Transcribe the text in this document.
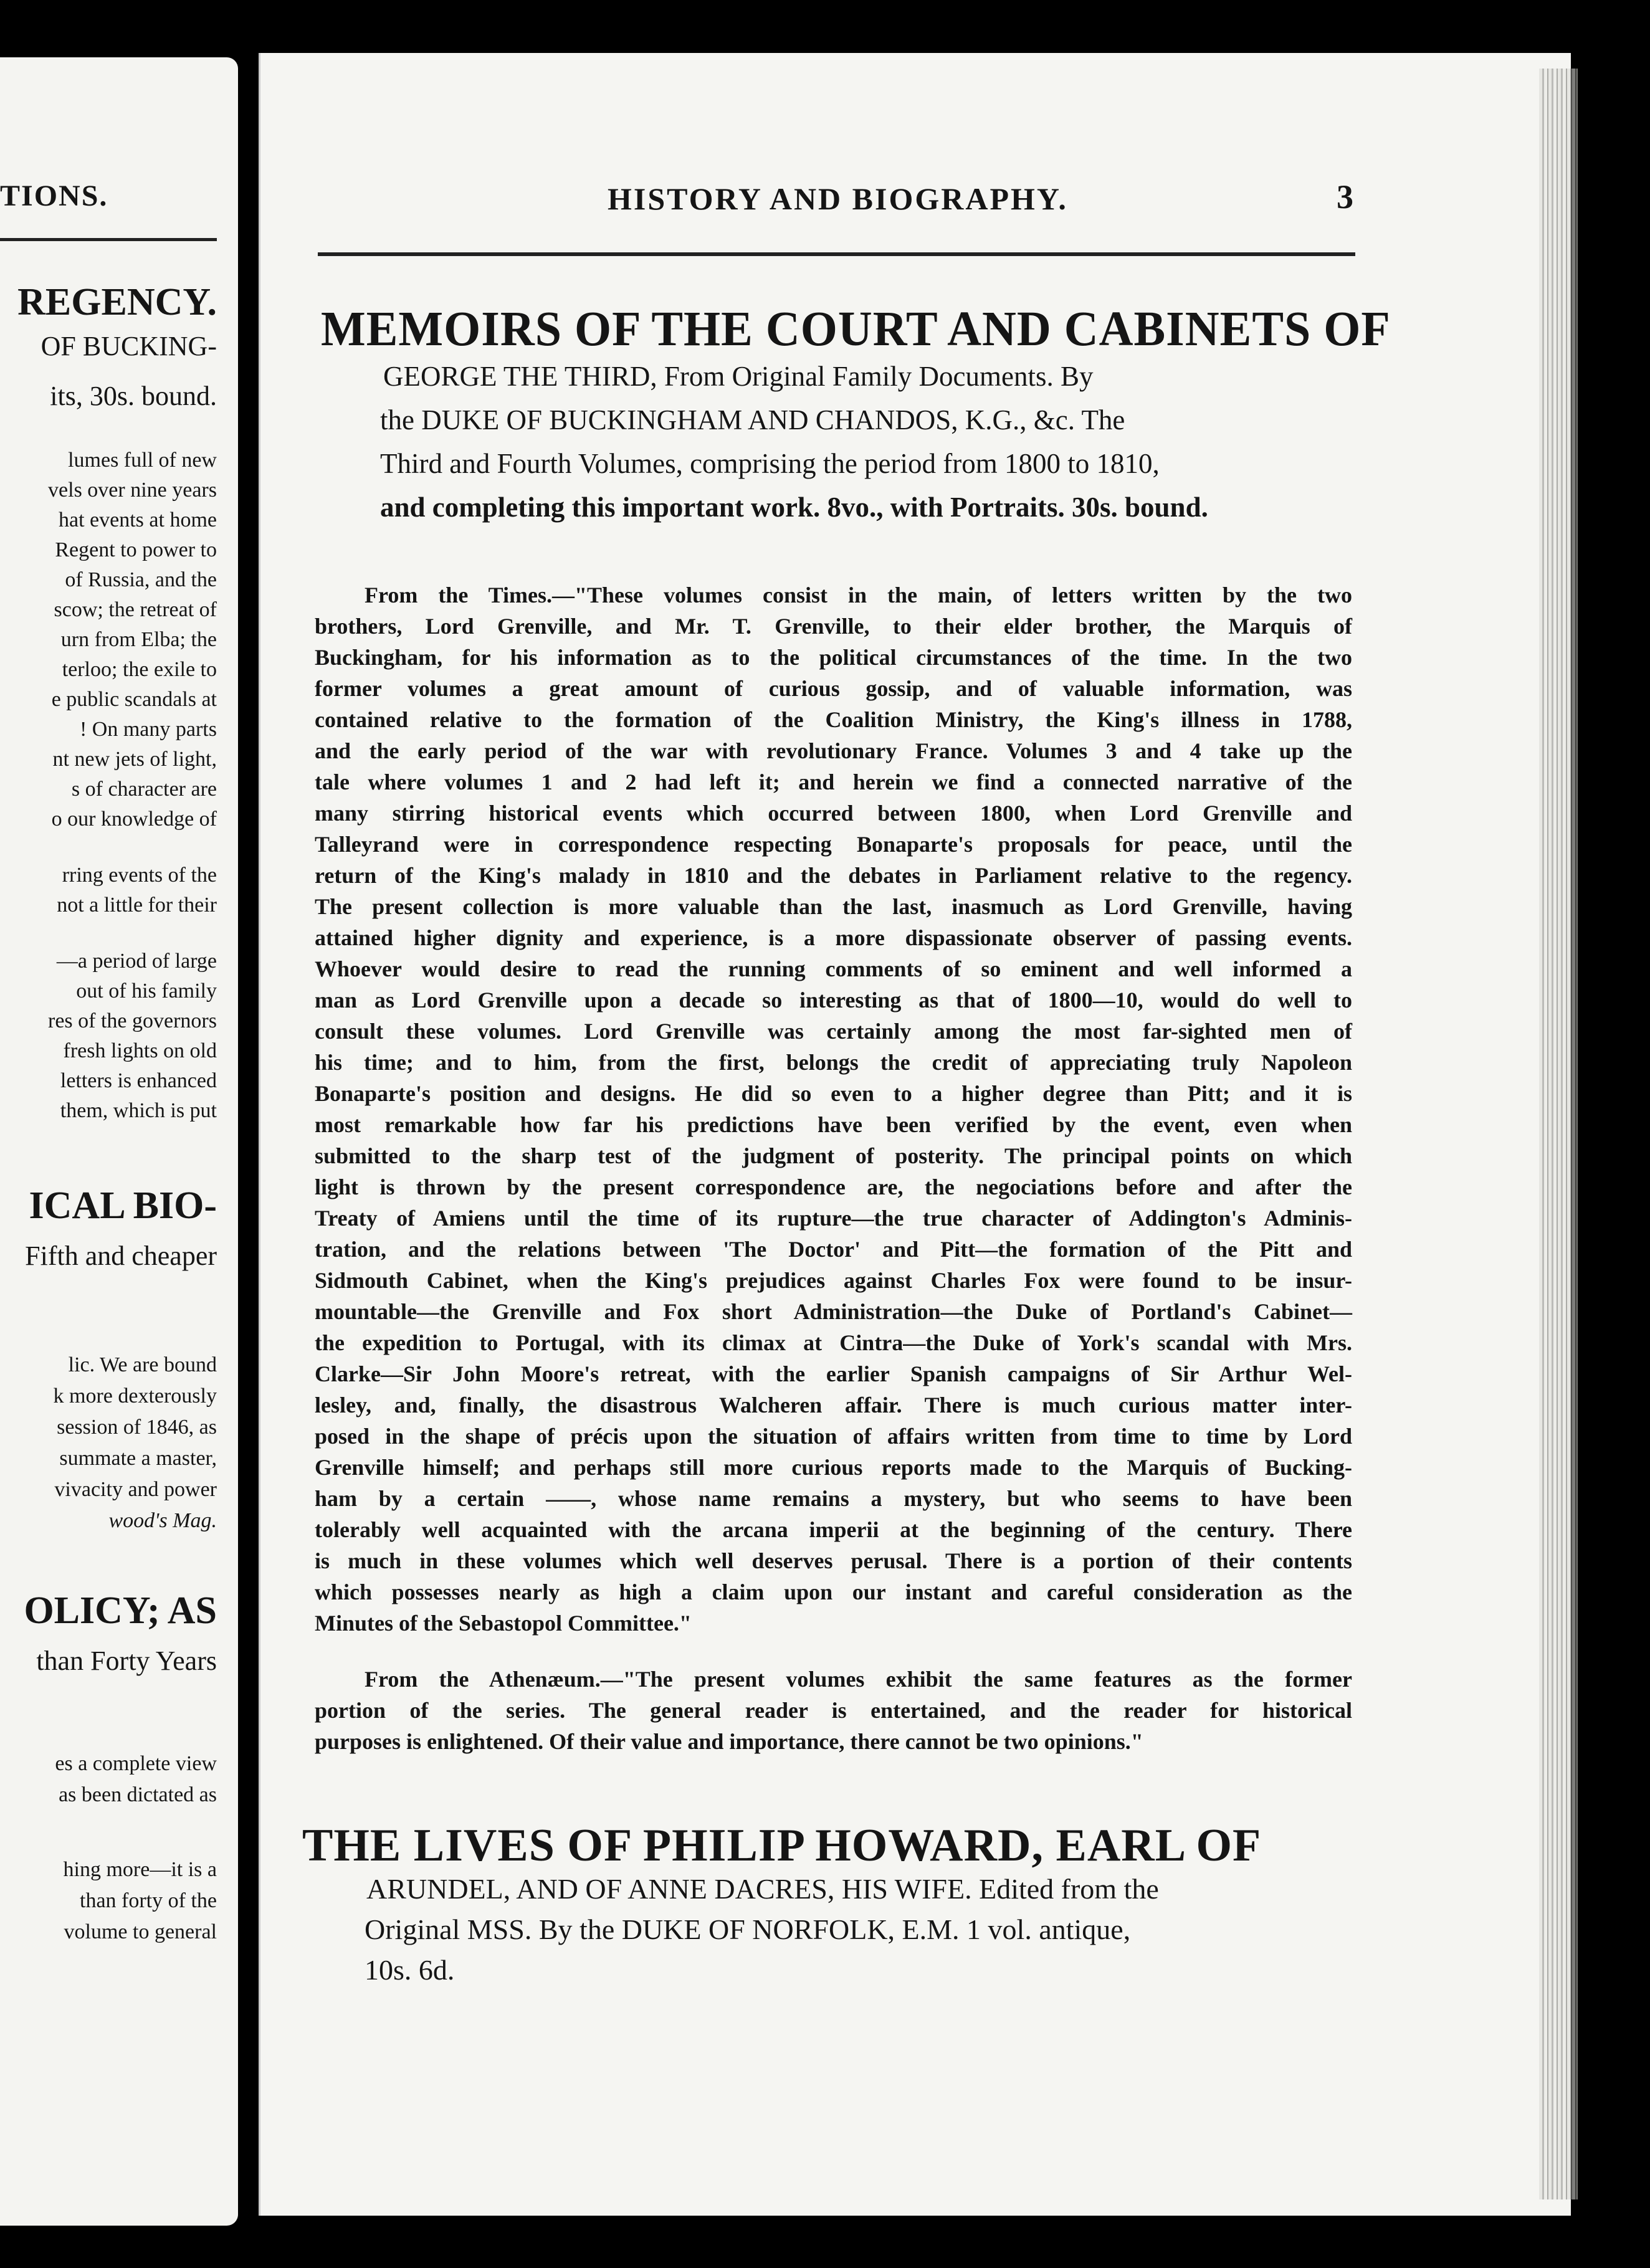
TIONS.
REGENCY.
OF BUCKING-
its, 30s. bound.
lumes full of new
vels over nine years
hat events at home
Regent to power to
of Russia, and the
scow; the retreat of
urn from Elba; the
terloo; the exile to
e public scandals at
! On many parts
nt new jets of light,
s of character are
o our knowledge of
rring events of the
not a little for their
—a period of large
out of his family
res of the governors
fresh lights on old
letters is enhanced
them, which is put
ICAL BIO-
Fifth and cheaper
lic. We are bound
k more dexterously
session of 1846, as
summate a master,
vivacity and power
wood's Mag.
OLICY; AS
than Forty Years
es a complete view
as been dictated as
hing more—it is a
than forty of the
volume to general
HISTORY AND BIOGRAPHY.	3
MEMOIRS OF THE COURT AND CABINETS OF
GEORGE THE THIRD, From Original Family Documents. By
the DUKE OF BUCKINGHAM AND CHANDOS, K.G., &c. The
Third and Fourth Volumes, comprising the period from 1800 to 1810,
and completing this important work. 8vo., with Portraits. 30s. bound.
From the Times.—"These volumes consist in the main, of letters written by the two
brothers, Lord Grenville, and Mr. T. Grenville, to their elder brother, the Marquis of
Buckingham, for his information as to the political circumstances of the time. In the two
former volumes a great amount of curious gossip, and of valuable information, was
contained relative to the formation of the Coalition Ministry, the King's illness in 1788,
and the early period of the war with revolutionary France. Volumes 3 and 4 take up the
tale where volumes 1 and 2 had left it; and herein we find a connected narrative of the
many stirring historical events which occurred between 1800, when Lord Grenville and
Talleyrand were in correspondence respecting Bonaparte's proposals for peace, until the
return of the King's malady in 1810 and the debates in Parliament relative to the regency.
The present collection is more valuable than the last, inasmuch as Lord Grenville, having
attained higher dignity and experience, is a more dispassionate observer of passing events.
Whoever would desire to read the running comments of so eminent and well informed a
man as Lord Grenville upon a decade so interesting as that of 1800—10, would do well to
consult these volumes. Lord Grenville was certainly among the most far-sighted men of
his time; and to him, from the first, belongs the credit of appreciating truly Napoleon
Bonaparte's position and designs. He did so even to a higher degree than Pitt; and it is
most remarkable how far his predictions have been verified by the event, even when
submitted to the sharp test of the judgment of posterity. The principal points on which
light is thrown by the present correspondence are, the negociations before and after the
Treaty of Amiens until the time of its rupture—the true character of Addington's Adminis-
tration, and the relations between 'The Doctor' and Pitt—the formation of the Pitt and
Sidmouth Cabinet, when the King's prejudices against Charles Fox were found to be insur-
mountable—the Grenville and Fox short Administration—the Duke of Portland's Cabinet—
the expedition to Portugal, with its climax at Cintra—the Duke of York's scandal with Mrs.
Clarke—Sir John Moore's retreat, with the earlier Spanish campaigns of Sir Arthur Wel-
lesley, and, finally, the disastrous Walcheren affair. There is much curious matter inter-
posed in the shape of précis upon the situation of affairs written from time to time by Lord
Grenville himself; and perhaps still more curious reports made to the Marquis of Bucking-
ham by a certain ——, whose name remains a mystery, but who seems to have been
tolerably well acquainted with the arcana imperii at the beginning of the century. There
is much in these volumes which well deserves perusal. There is a portion of their contents
which possesses nearly as high a claim upon our instant and careful consideration as the
Minutes of the Sebastopol Committee."
From the Athenæum.—"The present volumes exhibit the same features as the former
portion of the series. The general reader is entertained, and the reader for historical
purposes is enlightened. Of their value and importance, there cannot be two opinions."
THE LIVES OF PHILIP HOWARD, EARL OF
ARUNDEL, AND OF ANNE DACRES, HIS WIFE. Edited from the
Original MSS. By the DUKE OF NORFOLK, E.M. 1 vol. antique,
10s. 6d.
